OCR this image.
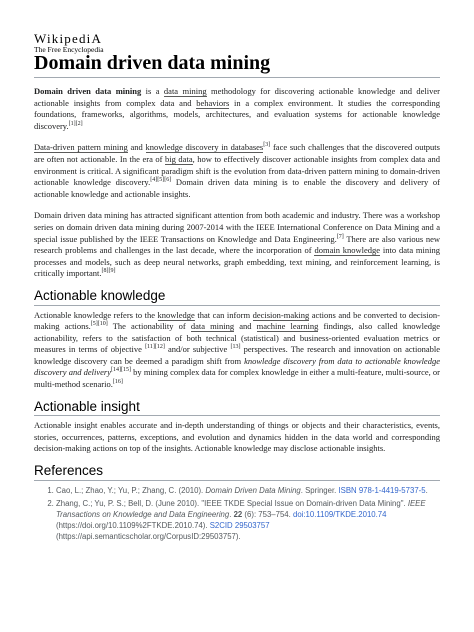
WikipediA
The Free Encyclopedia
Domain driven data mining

Domain driven data mining is a data mining methodology for discovering actionable knowledge and deliver actionable insights from complex data and behaviors in a complex environment. It studies the corresponding foundations, frameworks, algorithms, models, architectures, and evaluation systems for actionable knowledge discovery.[1][2]

Data-driven pattern mining and knowledge discovery in databases[3] face such challenges that the discovered outputs are often not actionable. In the era of big data, how to effectively discover actionable insights from complex data and environment is critical. A significant paradigm shift is the evolution from data-driven pattern mining to domain-driven actionable knowledge discovery.[4][5][6] Domain driven data mining is to enable the discovery and delivery of actionable knowledge and actionable insights.

Domain driven data mining has attracted significant attention from both academic and industry. There was a workshop series on domain driven data mining during 2007-2014 with the IEEE International Conference on Data Mining and a special issue published by the IEEE Transactions on Knowledge and Data Engineering.[7] There are also various new research problems and challenges in the last decade, where the incorporation of domain knowledge into data mining processes and models, such as deep neural networks, graph embedding, text mining, and reinforcement learning, is critically important.[8][9]

Actionable knowledge

Actionable knowledge refers to the knowledge that can inform decision-making actions and be converted to decision-making actions.[5][10] The actionability of data mining and machine learning findings, also called knowledge actionability, refers to the satisfaction of both technical (statistical) and business-oriented evaluation metrics or measures in terms of objective [11][12] and/or subjective [13] perspectives. The research and innovation on actionable knowledge discovery can be deemed a paradigm shift from knowledge discovery from data to actionable knowledge discovery and delivery[14][15] by mining complex data for complex knowledge in either a multi-feature, multi-source, or multi-method scenario.[16]

Actionable insight

Actionable insight enables accurate and in-depth understanding of things or objects and their characteristics, events, stories, occurrences, patterns, exceptions, and evolution and dynamics hidden in the data world and corresponding decision-making actions on top of the insights. Actionable knowledge may disclose actionable insights.

References
1. Cao, L.; Zhao, Y.; Yu, P.; Zhang, C. (2010). Domain Driven Data Mining. Springer. ISBN 978-1-4419-5737-5.
2. Zhang, C.; Yu, P. S.; Bell, D. (June 2010). "IEEE TKDE Special Issue on Domain-driven Data Mining". IEEE Transactions on Knowledge and Data Engineering. 22 (6): 753–754. doi:10.1109/TKDE.2010.74 (https://doi.org/10.1109%2FTKDE.2010.74). S2CID 29503757 (https://api.semanticscholar.org/CorpusID:29503757).
